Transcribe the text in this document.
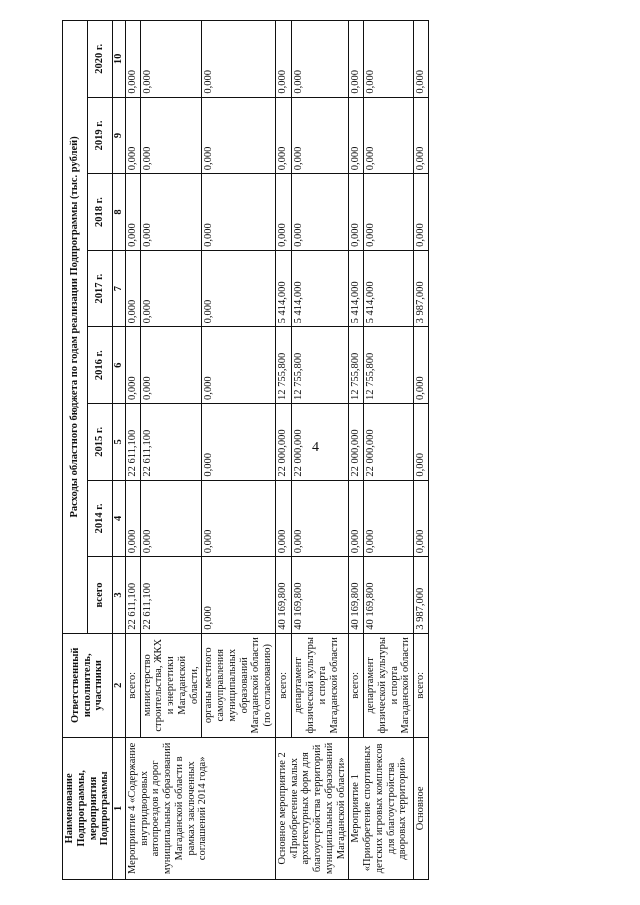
4
Наименование Подпрограммы, мероприятия Подпрограммы	Ответственный исполнитель, участники	Расходы областного бюджета по годам реализации Подпрограммы (тыс. рублей)							
		всего	2014 г.	2015 г.	2016 г.	2017 г.	2018 г.	2019 г.	2020 г.
1	2	3	4	5	6	7	8	9	10
Мероприятие 4 «Содержание внутридворовых автопроездов и дорог муниципальных образований Магаданской области в рамках заключенных соглашений 2014 года»	всего:	22 611,100	0,000	22 611,100	0,000	0,000	0,000	0,000	0,000
	министерство строительства, ЖКХ и энергетики Магаданской области,	22 611,100	0,000	22 611,100	0,000	0,000	0,000	0,000	0,000
	органы местного самоуправления муниципальных образований Магаданской области (по согласованию)	0,000	0,000	0,000	0,000	0,000	0,000	0,000	0,000
Основное мероприятие 2 «Приобретение малых архитектурных форм для благоустройства территорий муниципальных образований Магаданской области»	всего:	40 169,800	0,000	22 000,000	12 755,800	5 414,000	0,000	0,000	0,000
	департамент физической культуры и спорта Магаданской области	40 169,800	0,000	22 000,000	12 755,800	5 414,000	0,000	0,000	0,000
Мероприятие 1 «Приобретение спортивных детских игровых комплексов для благоустройства дворовых территорий»	всего:	40 169,800	0,000	22 000,000	12 755,800	5 414,000	0,000	0,000	0,000
	департамент физической культуры и спорта Магаданской области	40 169,800	0,000	22 000,000	12 755,800	5 414,000	0,000	0,000	0,000
Основное	всего:	3 987,000	0,000	0,000	0,000	3 987,000	0,000	0,000	0,000
